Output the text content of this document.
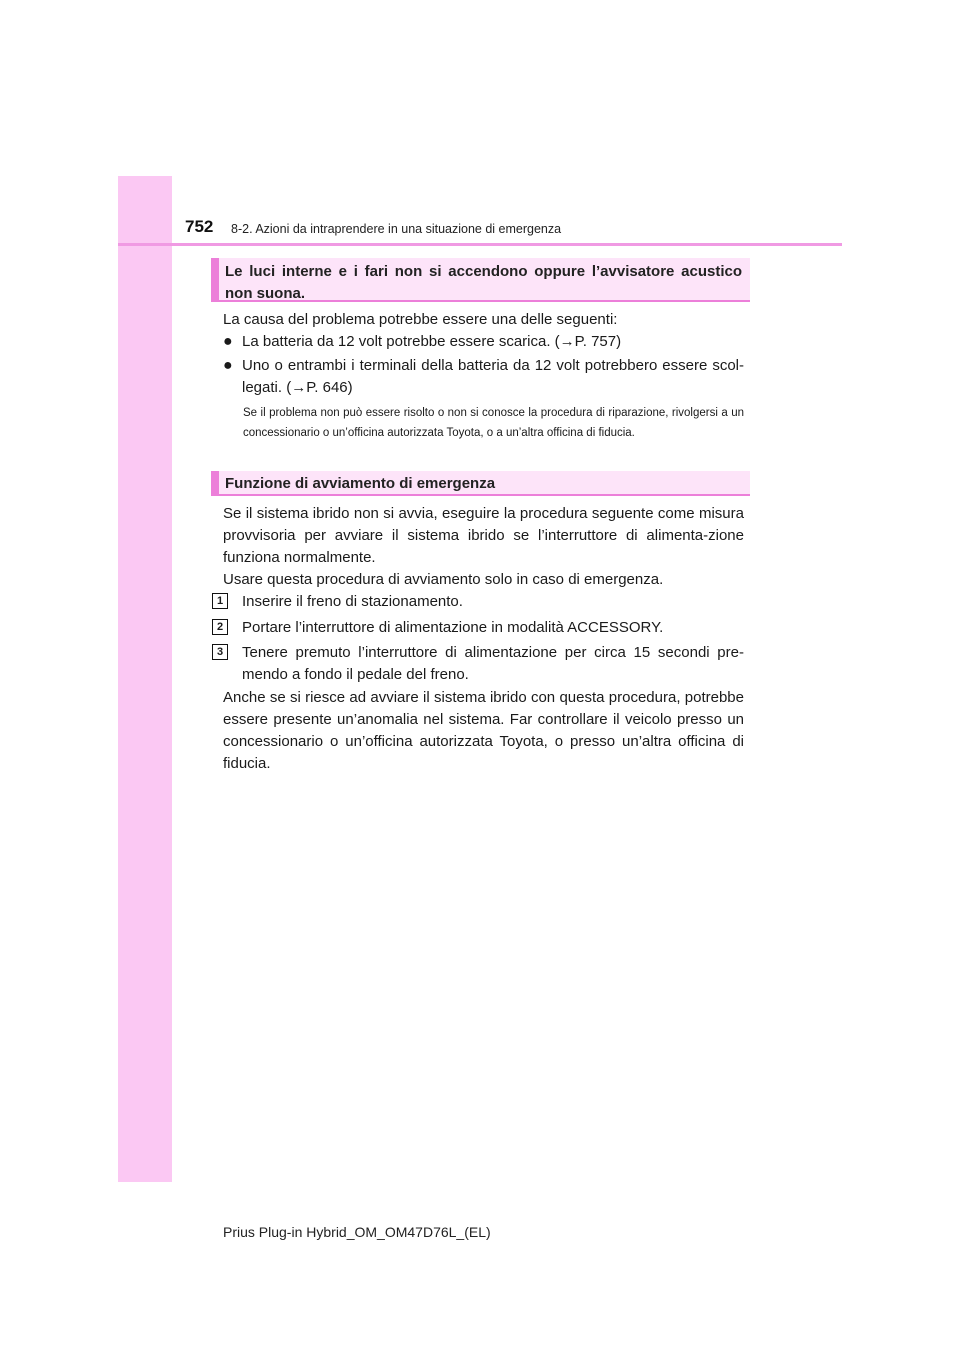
752 8-2. Azioni da intraprendere in una situazione di emergenza
Le luci interne e i fari non si accendono oppure l’avvisatore acustico non suona.
La causa del problema potrebbe essere una delle seguenti:
● La batteria da 12 volt potrebbe essere scarica. (→P. 757)
● Uno o entrambi i terminali della batteria da 12 volt potrebbero essere scol-legati. (→P. 646)
Se il problema non può essere risolto o non si conosce la procedura di riparazione, rivolgersi a un concessionario o un’officina autorizzata Toyota, o a un’altra officina di fiducia.
Funzione di avviamento di emergenza
Se il sistema ibrido non si avvia, eseguire la procedura seguente come misura provvisoria per avviare il sistema ibrido se l’interruttore di alimenta-zione funziona normalmente.
Usare questa procedura di avviamento solo in caso di emergenza.
1	Inserire il freno di stazionamento.
2	Portare l’interruttore di alimentazione in modalità ACCESSORY.
3	Tenere premuto l’interruttore di alimentazione per circa 15 secondi pre-mendo a fondo il pedale del freno.
Anche se si riesce ad avviare il sistema ibrido con questa procedura, potrebbe essere presente un’anomalia nel sistema. Far controllare il veicolo presso un concessionario o un’officina autorizzata Toyota, o presso un’altra officina di fiducia.
Prius Plug-in Hybrid_OM_OM47D76L_(EL)
